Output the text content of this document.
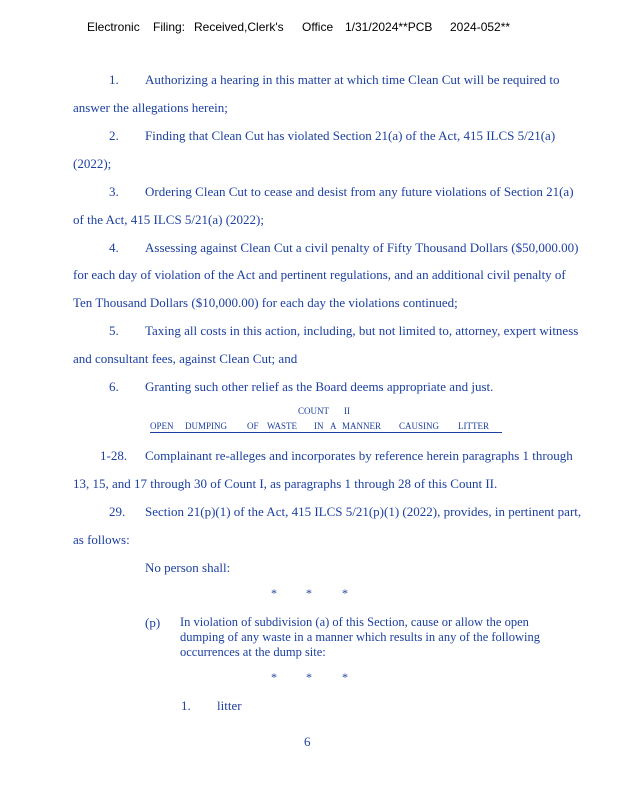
Electronic Filing: Received,Clerk's Office 1/31/2024**PCB 2024-052**
1. Authorizing a hearing in this matter at which time Clean Cut will be required to
answer the allegations herein;
2. Finding that Clean Cut has violated Section 21(a) of the Act, 415 ILCS 5/21(a)
(2022);
3. Ordering Clean Cut to cease and desist from any future violations of Section 21(a)
of the Act, 415 ILCS 5/21(a) (2022);
4. Assessing against Clean Cut a civil penalty of Fifty Thousand Dollars ($50,000.00)
for each day of violation of the Act and pertinent regulations, and an additional civil penalty of
Ten Thousand Dollars ($10,000.00) for each day the violations continued;
5. Taxing all costs in this action, including, but not limited to, attorney, expert witness
and consultant fees, against Clean Cut; and
6. Granting such other relief as the Board deems appropriate and just.
COUNT II
OPEN DUMPING OF WASTE IN A MANNER CAUSING LITTER
1-28. Complainant re-alleges and incorporates by reference herein paragraphs 1 through
13, 15, and 17 through 30 of Count I, as paragraphs 1 through 28 of this Count II.
29. Section 21(p)(1) of the Act, 415 ILCS 5/21(p)(1) (2022), provides, in pertinent part,
as follows:
No person shall:
* *	*
(p) In violation of subdivision (a) of this Section, cause or allow the open dumping of any waste in a manner which results in any of the following occurrences at the dump site:
* *	*
1. litter
6
